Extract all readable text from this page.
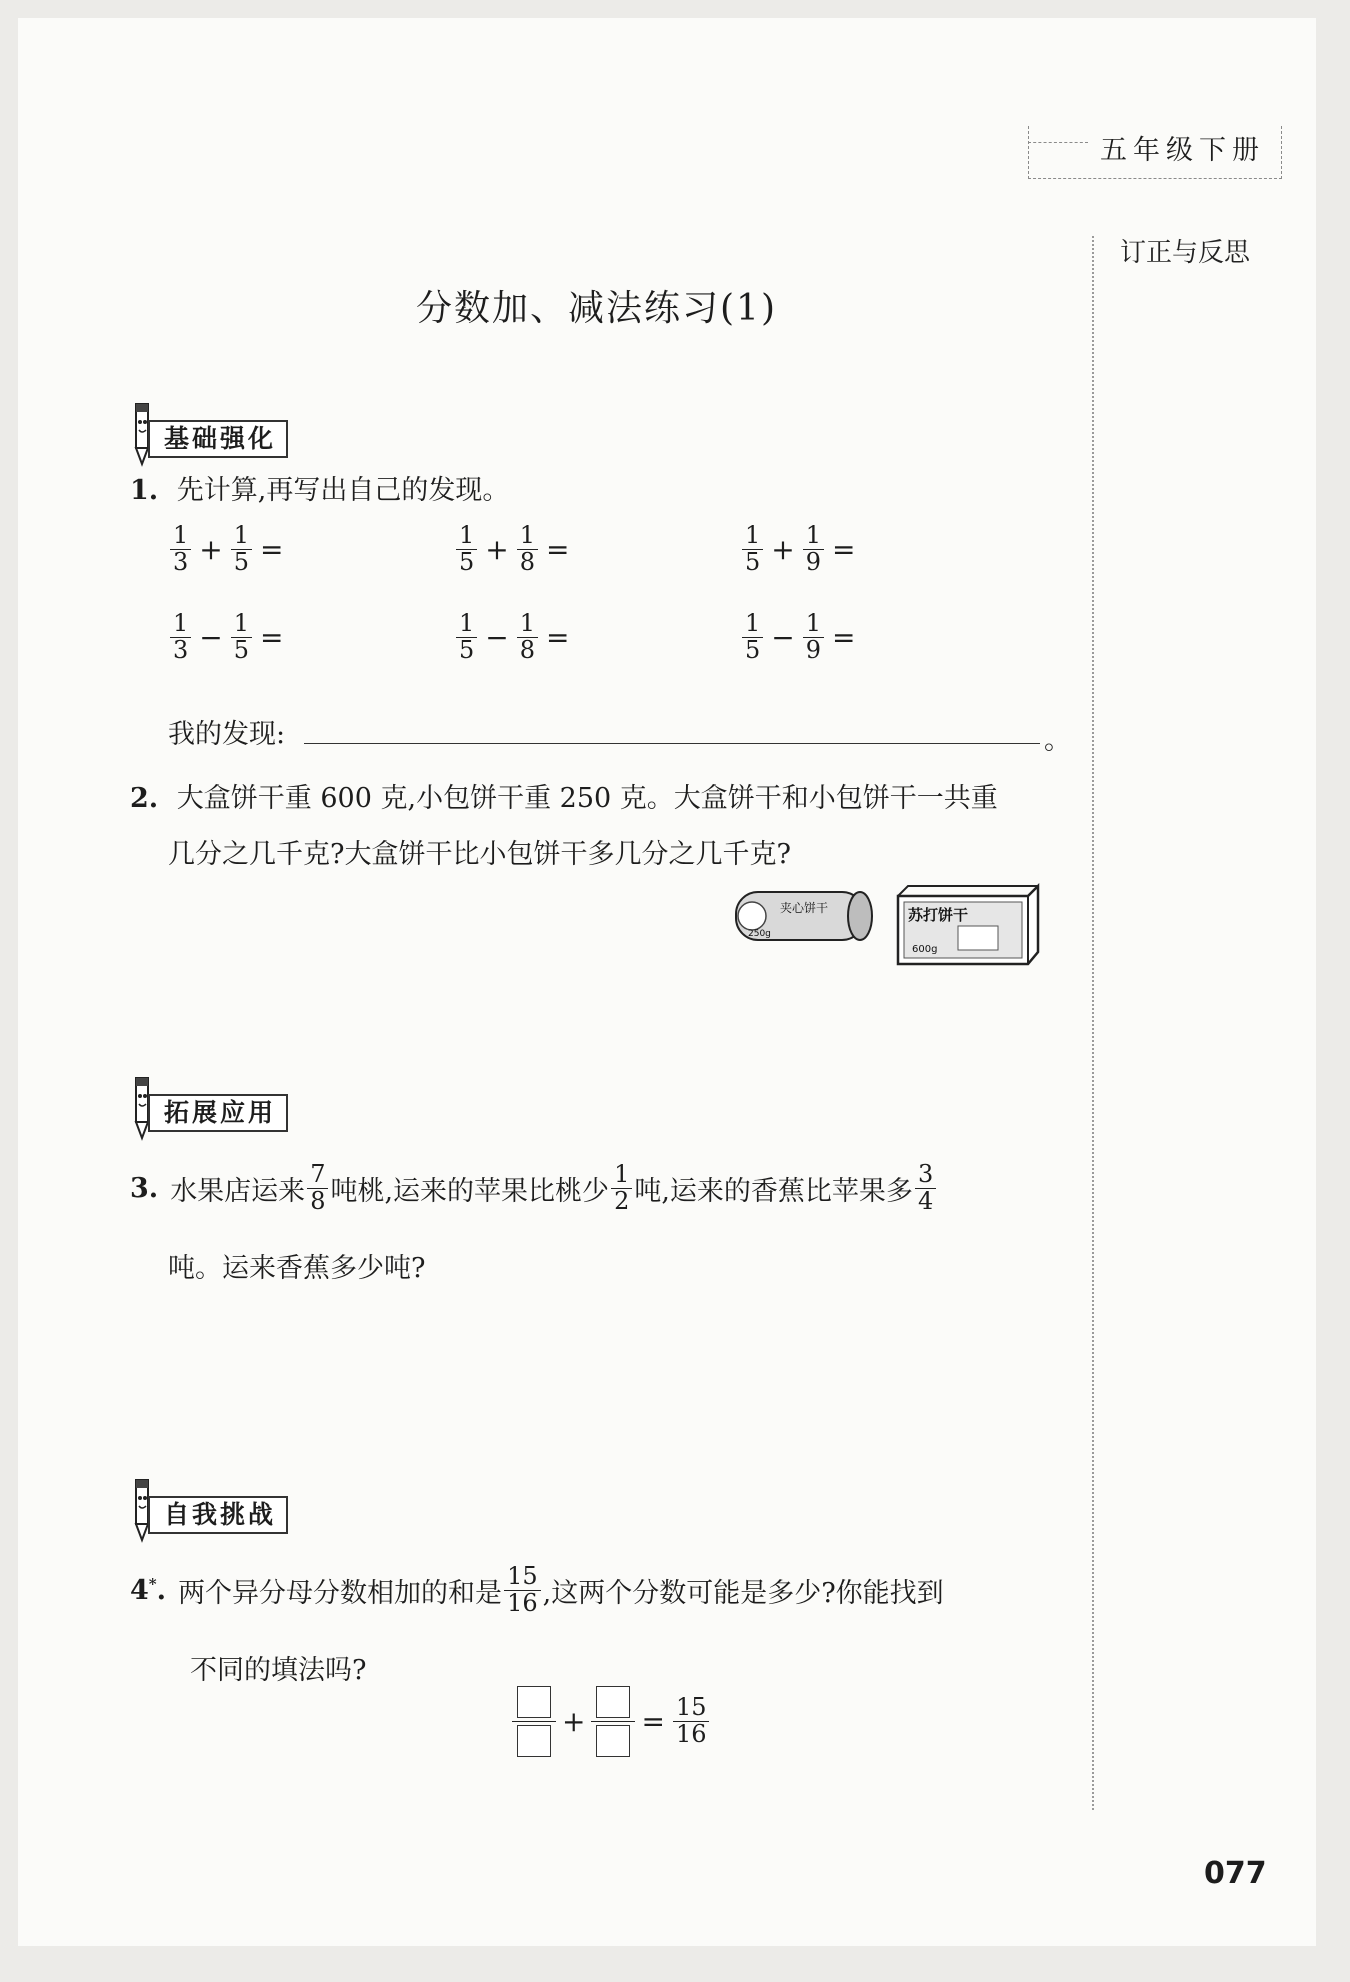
五年级下册
订正与反思
分数加、减法练习(1)
基础强化
1. 先计算,再写出自己的发现。
$\frac{1}{3} + \frac{1}{5}$ =	$\frac{1}{5} + \frac{1}{8}$ =	$\frac{1}{5} + \frac{1}{9}$ =
$\frac{1}{3} - \frac{1}{5}$ =	$\frac{1}{5} - \frac{1}{8}$ =	$\frac{1}{5} - \frac{1}{9}$ =
我的发现:	。
2. 大盒饼干重 600 克,小包饼干重 250 克。大盒饼干和小包饼干一共重
几分之几千克?大盒饼干比小包饼干多几分之几千克?
夹心饼干
250g
苏打饼干
600g
拓展应用
3. 水果店运来 $\frac{7}{8}$ 吨桃,运来的苹果比桃少 $\frac{1}{2}$ 吨,运来的香蕉比苹果多 $\frac{3}{4}$
吨。运来香蕉多少吨?
自我挑战
4*. 两个异分母分数相加的和是 $\frac{15}{16}$ ,这两个分数可能是多少?你能找到
不同的填法吗?
+ = $\frac{15}{16}$
077
